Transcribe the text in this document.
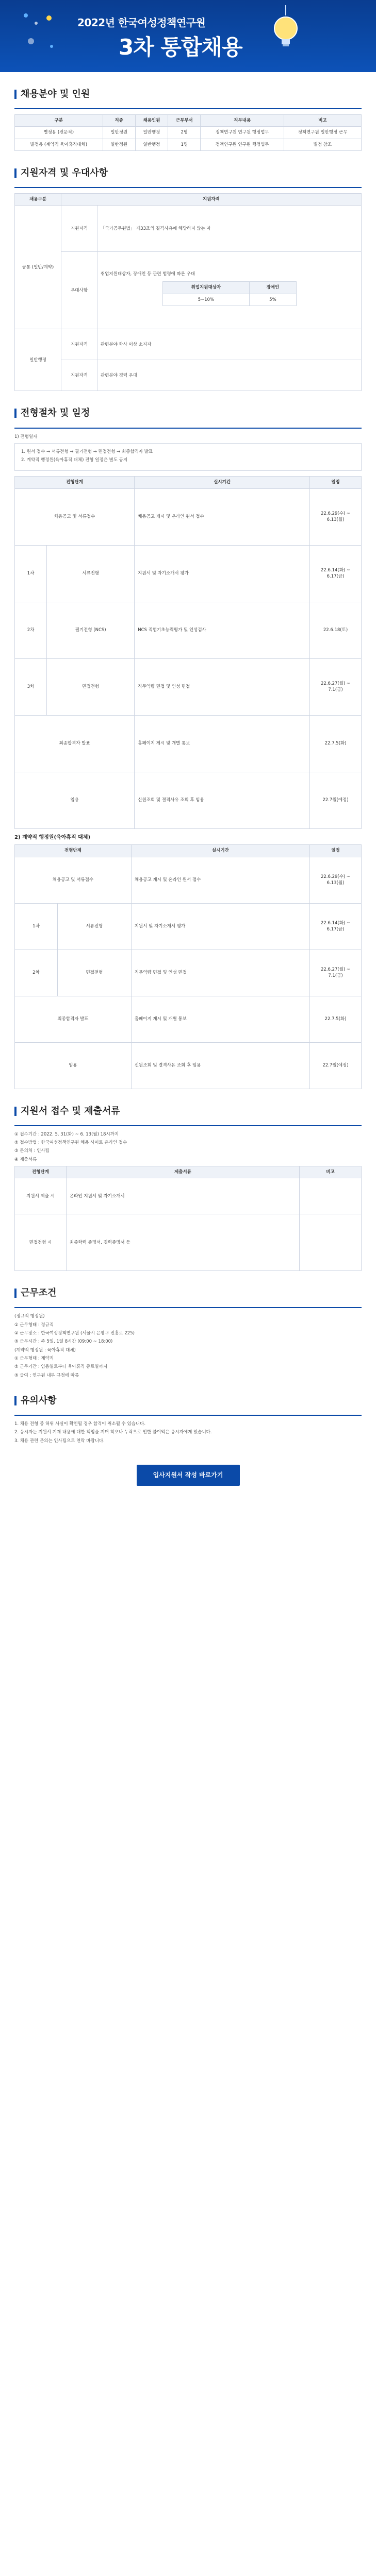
2022년 한국여성정책연구원
3차 통합채용
채용분야 및 인원
구분	직종	채용인원	근무부서	직무내용	비고
별정용 (전문직)	일반정원	일반행정	2명	정책연구원 연구원 행정업무	정책연구원 일반행정 근무
별정용 (계약직 육아휴직대체)	일반정원	일반행정	1명	정책연구원 연구원 행정업무	별첨 참조
지원자격 및 우대사항
채용구분	지원자격
공통 (일반/계약)	지원자격	「국가공무원법」 제33조의 결격사유에 해당하지 않는 자
우대사항	
취업지원대상자, 장애인 등 관련 법령에 따른 우대
취업지원대상자	장애인
5~10%	5%

일반행정	지원자격	관련분야 학사 이상 소지자
지원자격	관련분야 경력 우대
전형절차 및 일정
1) 전형일자
1. 원서 접수 → 서류전형 → 필기전형 → 면접전형 → 최종합격자 발표
2. 계약직 행정원(육아휴직 대체) 전형 일정은 별도 공지
전형단계		실시기간	일정
채용공고 및 서류접수		채용공고 게시 및 온라인 원서 접수	22.6.29(수) ~ 6.13(월)
1차	서류전형	지원서 및 자기소개서 평가	22.6.14(화) ~ 6.17(금)
2차	필기전형 (NCS)	NCS 직업기초능력평가 및 인성검사	22.6.18(토)
3차	면접전형	직무역량 면접 및 인성 면접	22.6.27(월) ~ 7.1(금)
최종합격자 발표		홈페이지 게시 및 개별 통보	22.7.5(화)
임용		신원조회 및 결격사유 조회 후 임용	22.7월(예정)
2) 계약직 행정원(육아휴직 대체)
전형단계		실시기간	일정
채용공고 및 서류접수		채용공고 게시 및 온라인 원서 접수	22.6.29(수) ~ 6.13(월)
1차	서류전형	지원서 및 자기소개서 평가	22.6.14(화) ~ 6.17(금)
2차	면접전형	직무역량 면접 및 인성 면접	22.6.27(월) ~ 7.1(금)
최종합격자 발표		홈페이지 게시 및 개별 통보	22.7.5(화)
임용		신원조회 및 결격사유 조회 후 임용	22.7월(예정)
지원서 접수 및 제출서류
① 접수기간 : 2022. 5. 31(화) ~ 6. 13(월) 18시까지
② 접수방법 : 한국여성정책연구원 채용 사이트 온라인 접수
③ 문의처 : 인사팀
④ 제출서류
전형단계	제출서류	비고
지원서 제출 시	온라인 지원서 및 자기소개서	
면접전형 시	최종학력 증명서, 경력증명서 등	
근무조건
(정규직 행정원)
① 근무형태 : 정규직
② 근무장소 : 한국여성정책연구원 (서울시 은평구 진흥로 225)
③ 근무시간 : 주 5일, 1일 8시간 (09:00 ~ 18:00)
(계약직 행정원 : 육아휴직 대체)
① 근무형태 : 계약직
② 근무기간 : 임용일로부터 육아휴직 종료일까지
③ 급여 : 연구원 내부 규정에 따름
유의사항
1. 채용 전형 중 허위 사실이 확인될 경우 합격이 취소될 수 있습니다.
2. 응시자는 지원서 기재 내용에 대한 책임을 지며 착오나 누락으로 인한 불이익은 응시자에게 있습니다.
3. 채용 관련 문의는 인사팀으로 연락 바랍니다.
입사지원서 작성 바로가기
